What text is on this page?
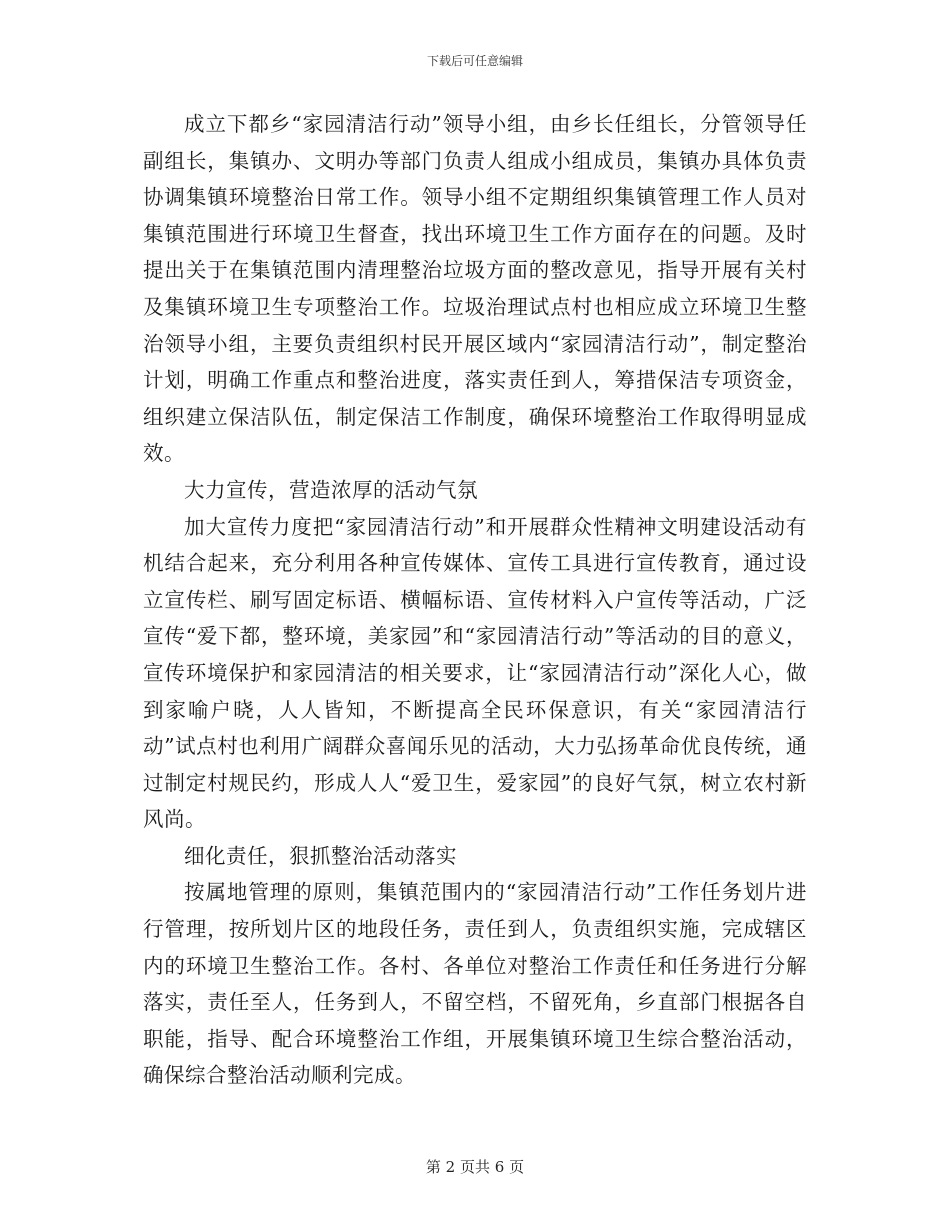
下载后可任意编辑

成立下都乡“家园清洁行动”领导小组，由乡长任组长，分管领导任副组长，集镇办、文明办等部门负责人组成小组成员，集镇办具体负责协调集镇环境整治日常工作。领导小组不定期组织集镇管理工作人员对集镇范围进行环境卫生督查，找出环境卫生工作方面存在的问题。及时提出关于在集镇范围内清理整治垃圾方面的整改意见，指导开展有关村及集镇环境卫生专项整治工作。垃圾治理试点村也相应成立环境卫生整治领导小组，主要负责组织村民开展区域内“家园清洁行动”，制定整治计划，明确工作重点和整治进度，落实责任到人，筹措保洁专项资金，组织建立保洁队伍，制定保洁工作制度，确保环境整治工作取得明显成效。

大力宣传，营造浓厚的活动气氛

加大宣传力度把“家园清洁行动”和开展群众性精神文明建设活动有机结合起来，充分利用各种宣传媒体、宣传工具进行宣传教育，通过设立宣传栏、刷写固定标语、横幅标语、宣传材料入户宣传等活动，广泛宣传“爱下都，整环境，美家园”和“家园清洁行动”等活动的目的意义，宣传环境保护和家园清洁的相关要求，让“家园清洁行动”深化人心，做到家喻户晓，人人皆知，不断提高全民环保意识，有关“家园清洁行动”试点村也利用广阔群众喜闻乐见的活动，大力弘扬革命优良传统，通过制定村规民约，形成人人“爱卫生，爱家园”的良好气氛，树立农村新风尚。

细化责任，狠抓整治活动落实

按属地管理的原则，集镇范围内的“家园清洁行动”工作任务划片进行管理，按所划片区的地段任务，责任到人，负责组织实施，完成辖区内的环境卫生整治工作。各村、各单位对整治工作责任和任务进行分解落实，责任至人，任务到人，不留空档，不留死角，乡直部门根据各自职能，指导、配合环境整治工作组，开展集镇环境卫生综合整治活动，确保综合整治活动顺利完成。

第 2 页共 6 页
